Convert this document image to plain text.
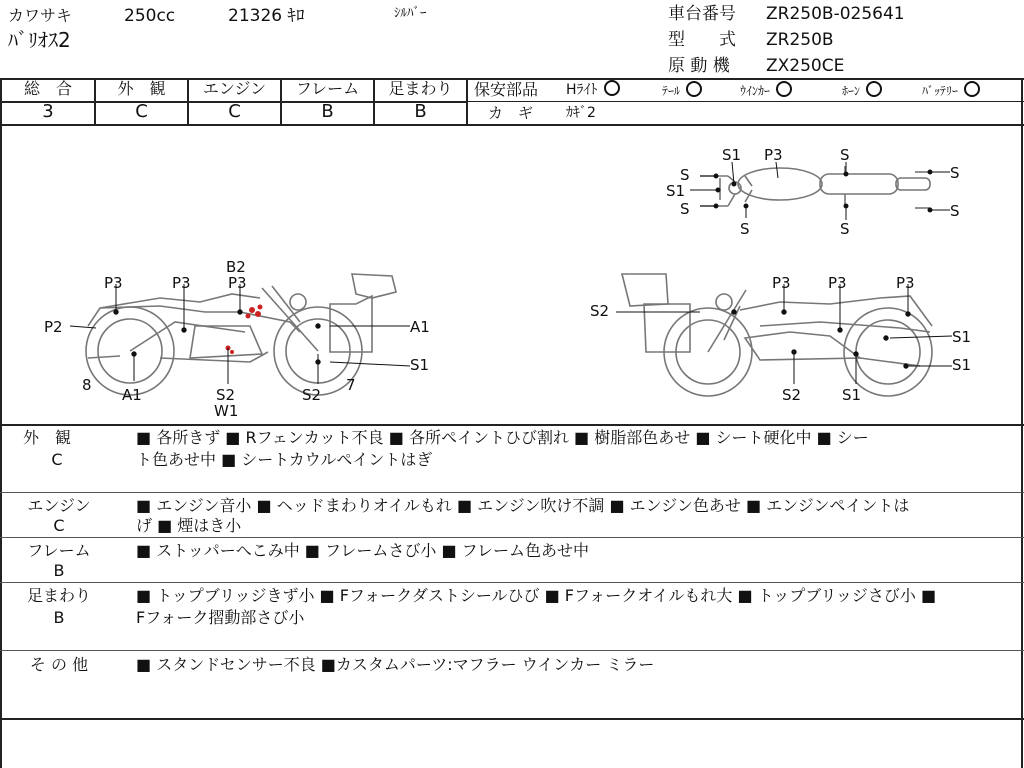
カワサキ	250cc	21326 ｷﾛ	ｼﾙﾊﾞｰ
ﾊﾞﾘｵｽ2
車台番号 ZR250B-025641
型　　式 ZR250B
原 動 機 ZX250CE
総　合	外　観	エンジン	フレーム	足まわり
3	C	C	B	B
保安部品 Hﾗｲﾄ	ﾃｰﾙ	ｳｲﾝｶｰ	ﾎｰﾝ	ﾊﾞｯﾃﾘｰ
カ　ギ ｶｷﾞ2
S1 P3	S
S
S1
S
S
S
S	S
B2
P3	P3 P3
P2	A1
S1
7
8
A1	S2
W1
S2
P3 P3	P3
S2
S1
S1
S2	S1
外　観
C
■ 各所きず ■ Rフェンカット不良 ■ 各所ペイントひび割れ ■ 樹脂部色あせ ■ シート硬化中 ■ シー
ト色あせ中 ■ シートカウルペイントはぎ
エンジン
C
■ エンジン音小 ■ ヘッドまわりオイルもれ ■ エンジン吹け不調 ■ エンジン色あせ ■ エンジンペイントは
げ ■ 煙はき小
フレーム
B
■ ストッパーへこみ中 ■ フレームさび小 ■ フレーム色あせ中
足まわり
B
■ トップブリッジきず小 ■ Fフォークダストシールひび ■ Fフォークオイルもれ大 ■ トップブリッジさび小 ■
Fフォーク摺動部さび小
そ の 他	■ スタンドセンサー不良 ■カスタムパーツ:マフラー ウインカー ミラー
